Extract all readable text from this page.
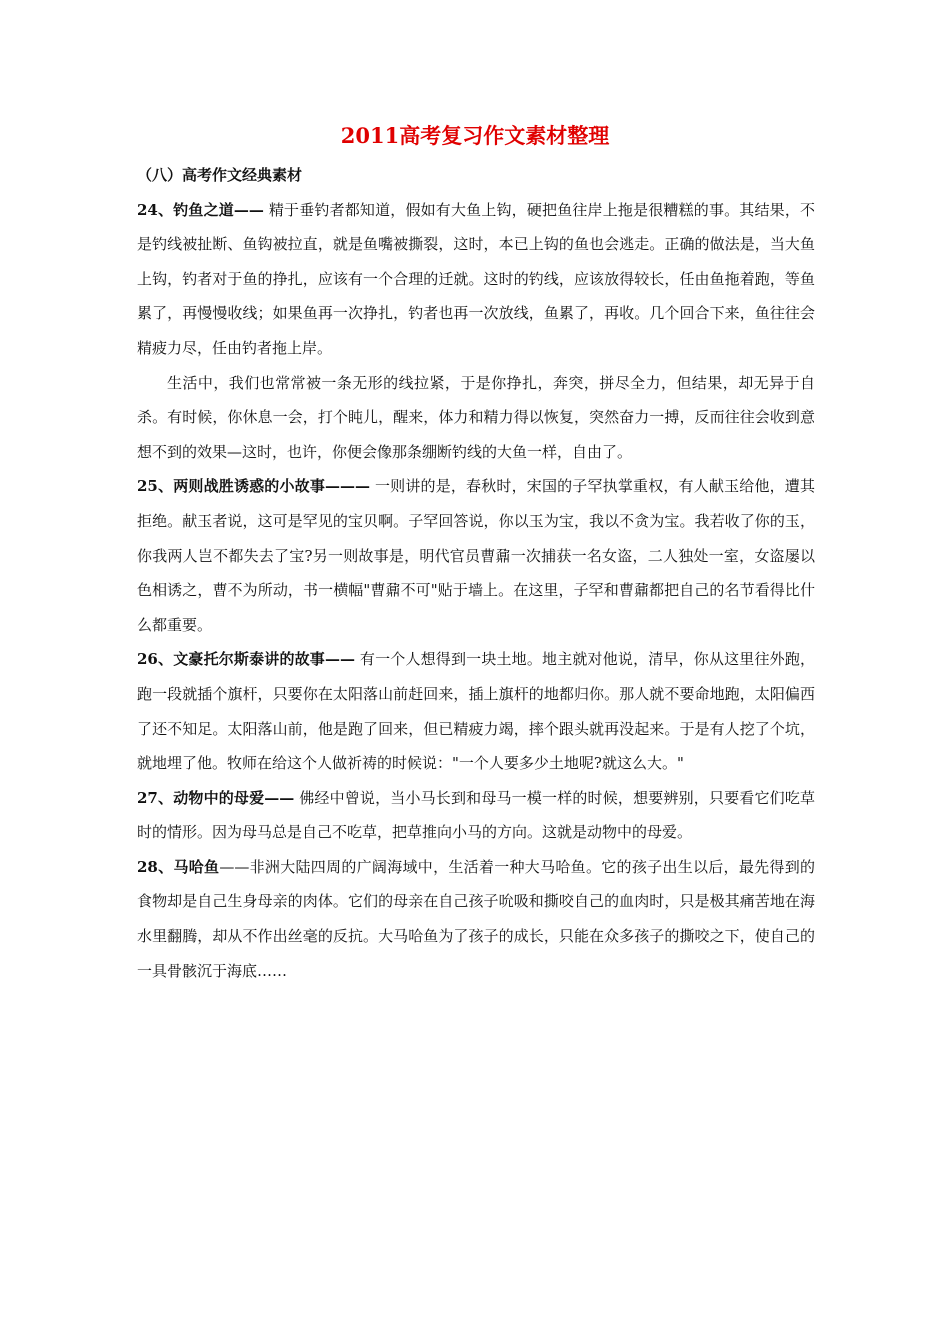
2011高考复习作文素材整理

（八）高考作文经典素材

24、钓鱼之道—— 精于垂钓者都知道，假如有大鱼上钩，硬把鱼往岸上拖是很糟糕的事。其结果，不是钓线被扯断、鱼钩被拉直，就是鱼嘴被撕裂，这时，本已上钩的鱼也会逃走。正确的做法是，当大鱼上钩，钓者对于鱼的挣扎，应该有一个合理的迁就。这时的钓线，应该放得较长，任由鱼拖着跑，等鱼累了，再慢慢收线；如果鱼再一次挣扎，钓者也再一次放线，鱼累了，再收。几个回合下来，鱼往往会精疲力尽，任由钓者拖上岸。

生活中，我们也常常被一条无形的线拉紧，于是你挣扎，奔突，拼尽全力，但结果，却无异于自杀。有时候，你休息一会，打个盹儿，醒来，体力和精力得以恢复，突然奋力一搏，反而往往会收到意想不到的效果—这时，也许，你便会像那条绷断钓线的大鱼一样，自由了。

25、两则战胜诱惑的小故事——— 一则讲的是，春秋时，宋国的子罕执掌重权，有人献玉给他，遭其拒绝。献玉者说，这可是罕见的宝贝啊。子罕回答说，你以玉为宝，我以不贪为宝。我若收了你的玉，你我两人岂不都失去了宝?另一则故事是，明代官员曹鼐一次捕获一名女盗，二人独处一室，女盗屡以色相诱之，曹不为所动，书一横幅"曹鼐不可"贴于墙上。在这里，子罕和曹鼐都把自己的名节看得比什么都重要。

26、文豪托尔斯泰讲的故事—— 有一个人想得到一块土地。地主就对他说，清早，你从这里往外跑，跑一段就插个旗杆，只要你在太阳落山前赶回来，插上旗杆的地都归你。那人就不要命地跑，太阳偏西了还不知足。太阳落山前，他是跑了回来，但已精疲力竭，摔个跟头就再没起来。于是有人挖了个坑，就地埋了他。牧师在给这个人做祈祷的时候说："一个人要多少土地呢?就这么大。"

27、动物中的母爱—— 佛经中曾说，当小马长到和母马一模一样的时候，想要辨别，只要看它们吃草时的情形。因为母马总是自己不吃草，把草推向小马的方向。这就是动物中的母爱。

28、马哈鱼——非洲大陆四周的广阔海域中，生活着一种大马哈鱼。它的孩子出生以后，最先得到的食物却是自己生身母亲的肉体。它们的母亲在自己孩子吮吸和撕咬自己的血肉时，只是极其痛苦地在海水里翻腾，却从不作出丝毫的反抗。大马哈鱼为了孩子的成长，只能在众多孩子的撕咬之下，使自己的一具骨骸沉于海底……
